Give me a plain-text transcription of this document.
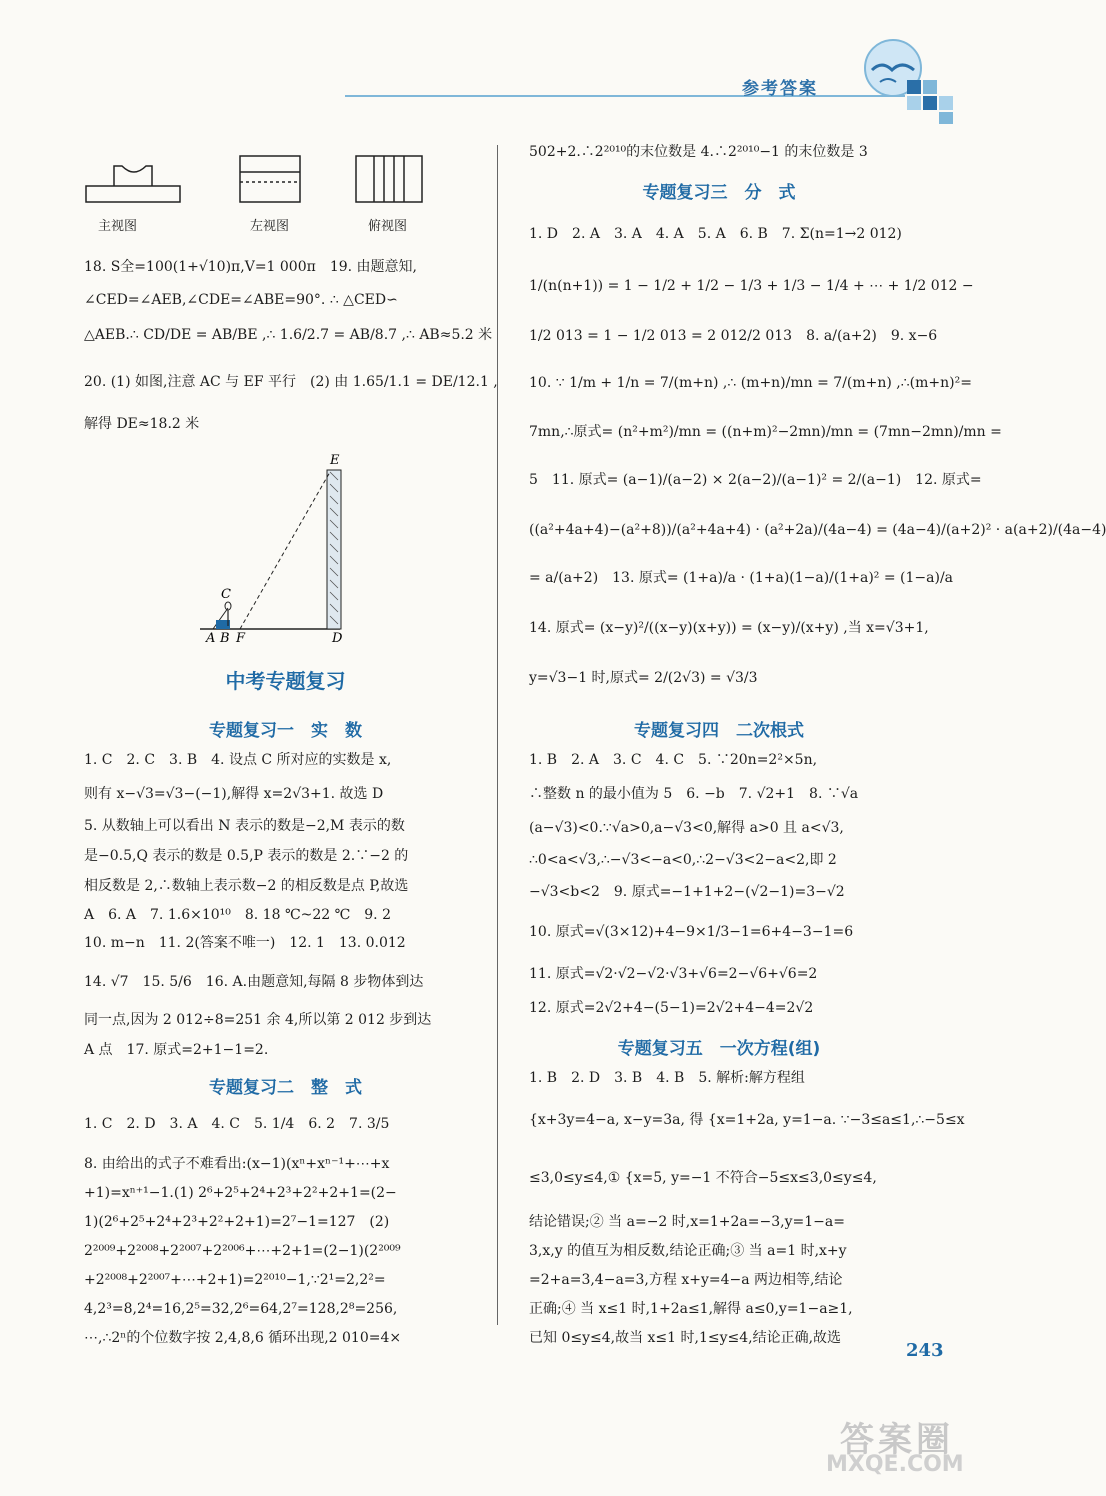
参考答案
主视图	左视图	俯视图
18. S全=100(1+√10)π,V=1 000π　19. 由题意知,
∠CED=∠AEB,∠CDE=∠ABE=90°. ∴ △CED∽
△AEB.∴ CD/DE = AB/BE ,∴ 1.6/2.7 = AB/8.7 ,∴ AB≈5.2 米
20. (1) 如图,注意 AC 与 EF 平行　(2) 由 1.65/1.1 = DE/12.1 ,
解得 DE≈18.2 米
中考专题复习
专题复习一　实　数
1. C　2. C　3. B　4. 设点 C 所对应的实数是 x,
则有 x−√3=√3−(−1),解得 x=2√3+1. 故选 D
5. 从数轴上可以看出 N 表示的数是−2,M 表示的数
是−0.5,Q 表示的数是 0.5,P 表示的数是 2.∵−2 的
相反数是 2,∴数轴上表示数−2 的相反数是点 P,故选
A　6. A　7. 1.6×10¹⁰　8. 18 ℃~22 ℃　9. 2
10. m−n　11. 2(答案不唯一)　12. 1　13. 0.012
14. √7　15. 5/6　16. A.由题意知,每隔 8 步物体到达
同一点,因为 2 012÷8=251 余 4,所以第 2 012 步到达
A 点　17. 原式=2+1−1=2.
专题复习二　整　式
1. C　2. D　3. A　4. C　5. 1/4　6. 2　7. 3/5
8. 由给出的式子不难看出:(x−1)(xⁿ+xⁿ⁻¹+⋯+x
+1)=xⁿ⁺¹−1.(1) 2⁶+2⁵+2⁴+2³+2²+2+1=(2−
1)(2⁶+2⁵+2⁴+2³+2²+2+1)=2⁷−1=127　(2)
2²⁰⁰⁹+2²⁰⁰⁸+2²⁰⁰⁷+2²⁰⁰⁶+⋯+2+1=(2−1)(2²⁰⁰⁹
+2²⁰⁰⁸+2²⁰⁰⁷+⋯+2+1)=2²⁰¹⁰−1,∵2¹=2,2²=
4,2³=8,2⁴=16,2⁵=32,2⁶=64,2⁷=128,2⁸=256,
⋯,∴2ⁿ的个位数字按 2,4,8,6 循环出现,2 010=4×
E
C
A B F	D
502+2.∴2²⁰¹⁰的末位数是 4.∴2²⁰¹⁰−1 的末位数是 3
专题复习三　分　式
1. D　2. A　3. A　4. A　5. A　6. B　7. Σ(n=1→2 012)
1/(n(n+1)) = 1 − 1/2 + 1/2 − 1/3 + 1/3 − 1/4 + ⋯ + 1/2 012 −
1/2 013 = 1 − 1/2 013 = 2 012/2 013　8. a/(a+2)　9. x−6
10. ∵ 1/m + 1/n = 7/(m+n) ,∴ (m+n)/mn = 7/(m+n) ,∴(m+n)²=
7mn,∴原式= (n²+m²)/mn = ((n+m)²−2mn)/mn = (7mn−2mn)/mn =
5　11. 原式= (a−1)/(a−2) × 2(a−2)/(a−1)² = 2/(a−1)　12. 原式=
((a²+4a+4)−(a²+8))/(a²+4a+4) · (a²+2a)/(4a−4) = (4a−4)/(a+2)² · a(a+2)/(4a−4)
= a/(a+2)　13. 原式= (1+a)/a · (1+a)(1−a)/(1+a)² = (1−a)/a
14. 原式= (x−y)²/((x−y)(x+y)) = (x−y)/(x+y) ,当 x=√3+1,
y=√3−1 时,原式= 2/(2√3) = √3/3
专题复习四　二次根式
1. B　2. A　3. C　4. C　5. ∵20n=2²×5n,
∴整数 n 的最小值为 5　6. −b　7. √2+1　8. ∵√a
(a−√3)<0.∵√a>0,a−√3<0,解得 a>0 且 a<√3,
∴0<a<√3,∴−√3<−a<0,∴2−√3<2−a<2,即 2
−√3<b<2　9. 原式=−1+1+2−(√2−1)=3−√2
10. 原式=√(3×12)+4−9×1/3−1=6+4−3−1=6
11. 原式=√2·√2−√2·√3+√6=2−√6+√6=2
12. 原式=2√2+4−(5−1)=2√2+4−4=2√2
专题复习五　一次方程(组)
1. B　2. D　3. B　4. B　5. 解析:解方程组
{x+3y=4−a, x−y=3a, 得 {x=1+2a, y=1−a. ∵−3≤a≤1,∴−5≤x
≤3,0≤y≤4,① {x=5, y=−1 不符合−5≤x≤3,0≤y≤4,
结论错误;② 当 a=−2 时,x=1+2a=−3,y=1−a=
3,x,y 的值互为相反数,结论正确;③ 当 a=1 时,x+y
=2+a=3,4−a=3,方程 x+y=4−a 两边相等,结论
正确;④ 当 x≤1 时,1+2a≤1,解得 a≤0,y=1−a≥1,
已知 0≤y≤4,故当 x≤1 时,1≤y≤4,结论正确,故选
243
答案圈
MXQE.COM
